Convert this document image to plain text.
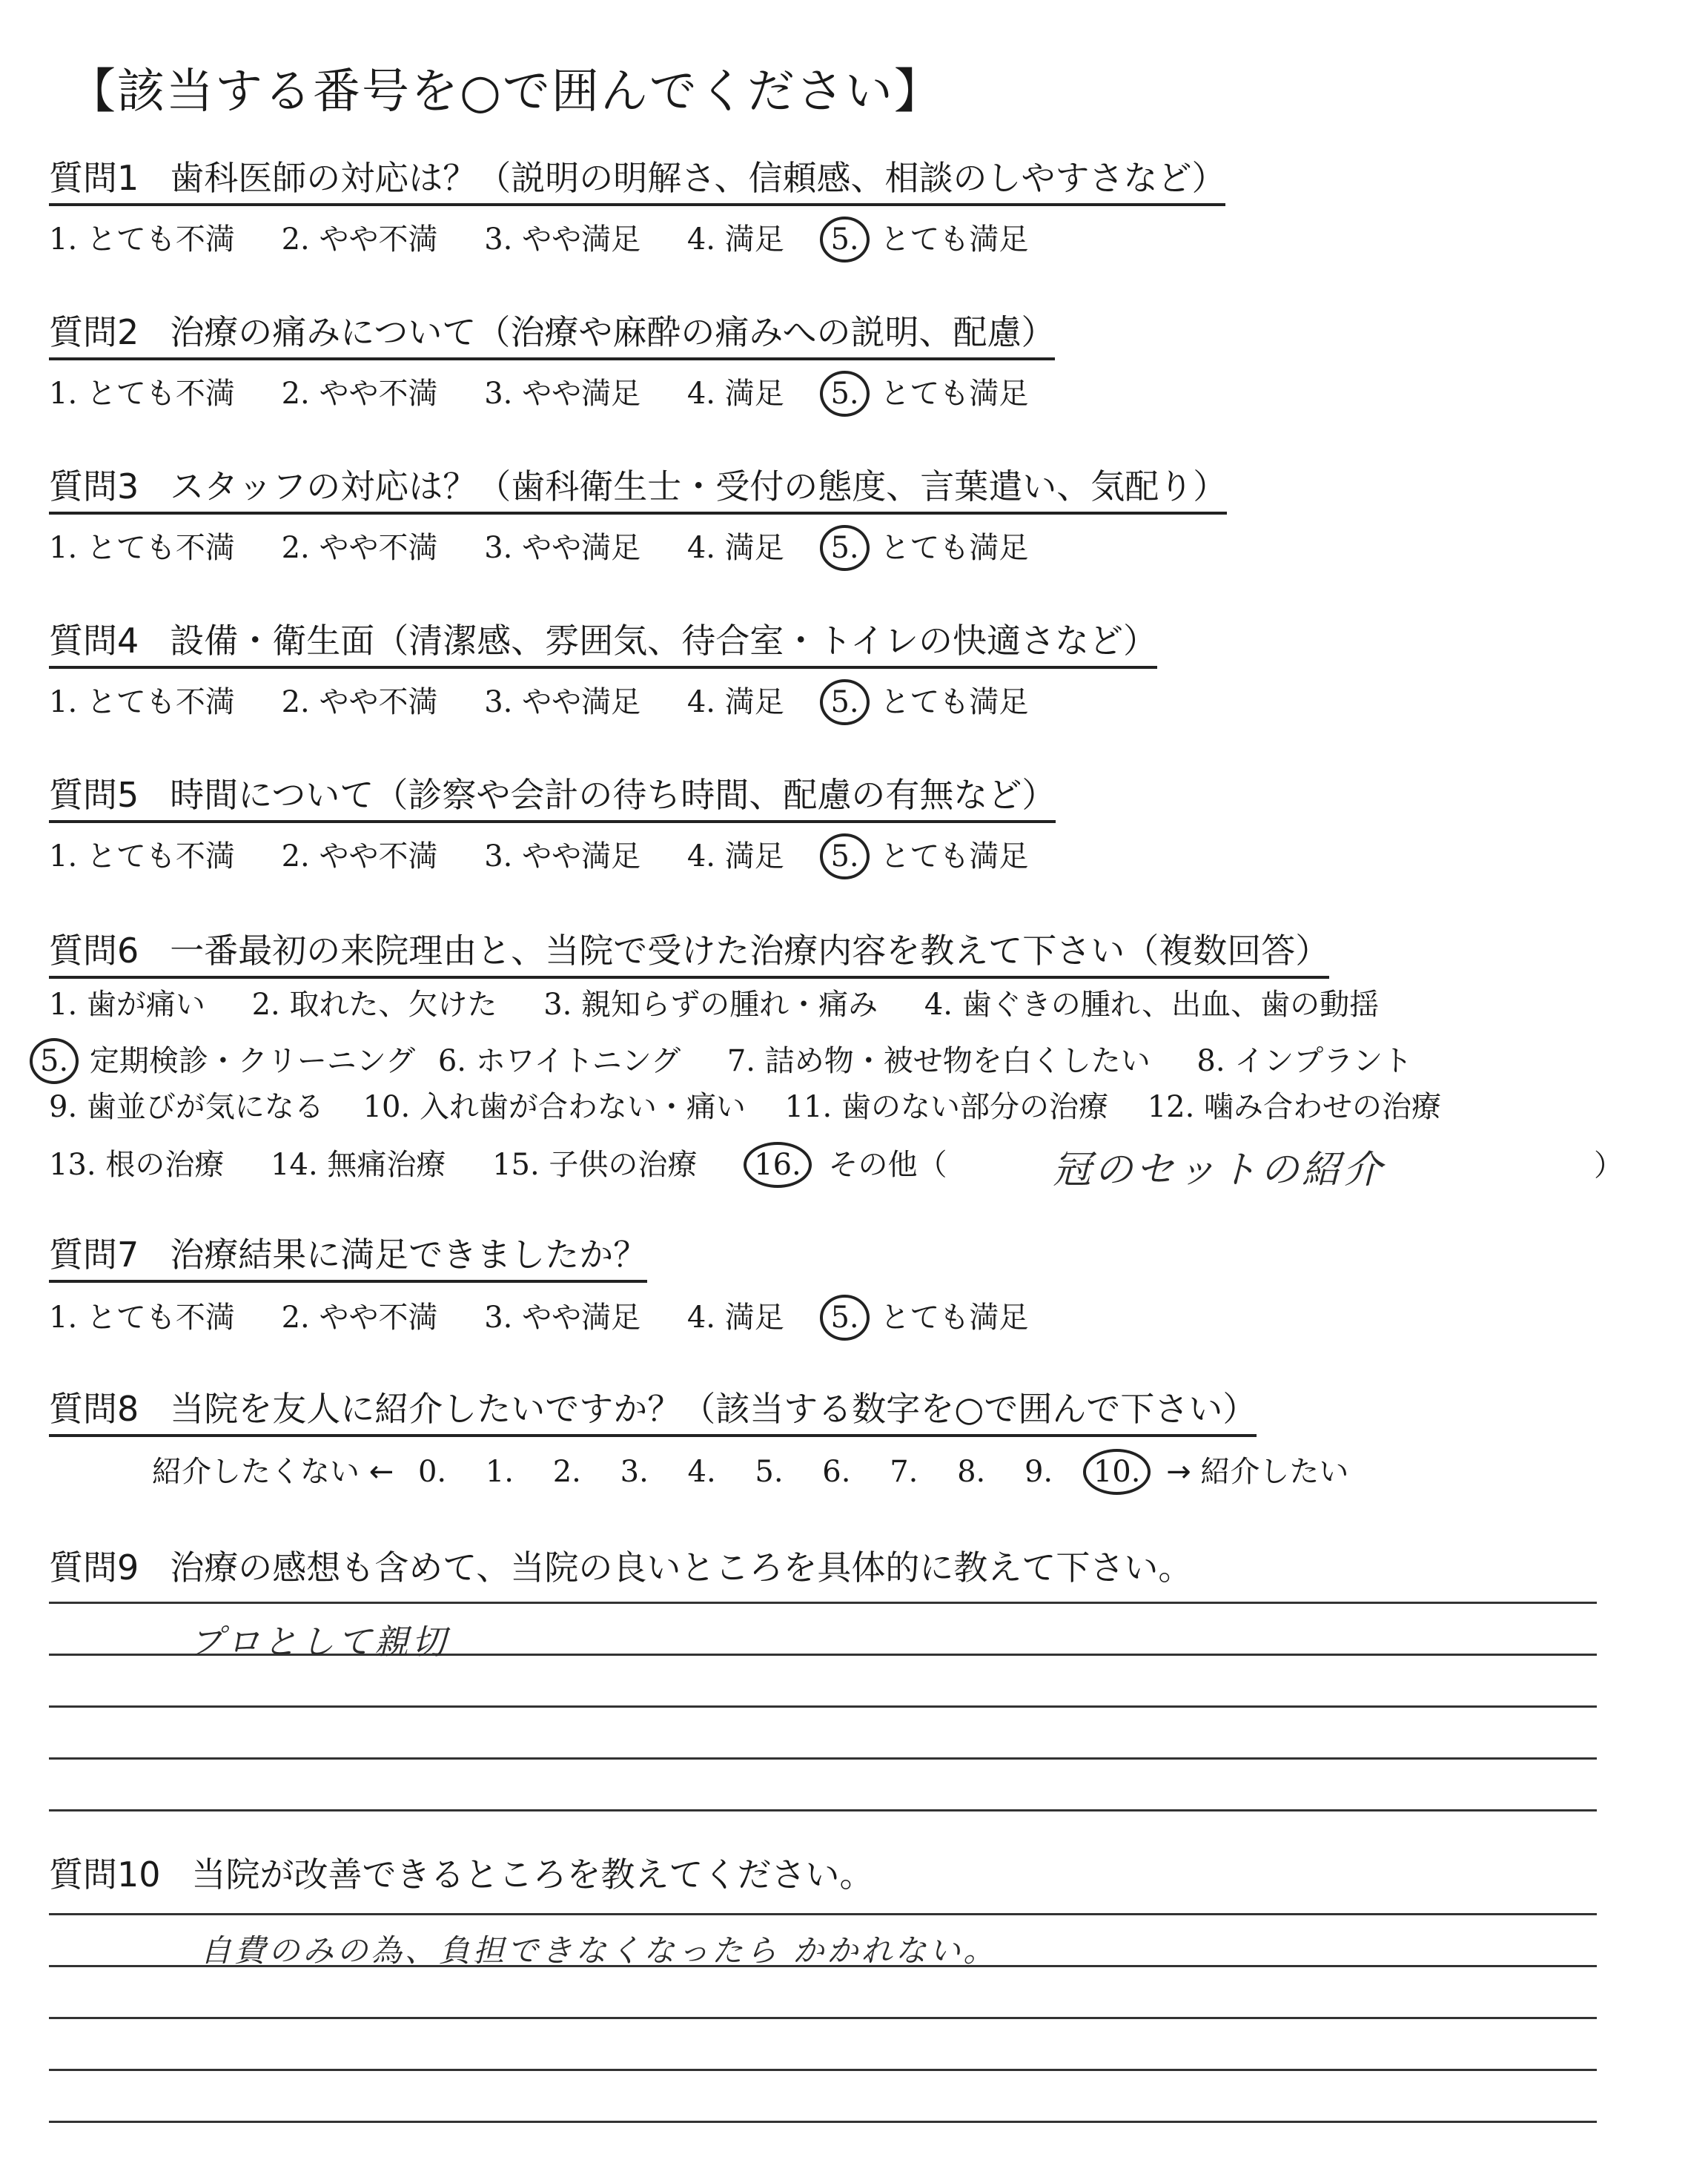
【該当する番号を○で囲んでください】
質問1 歯科医師の対応は？（説明の明解さ、信頼感、相談のしやすさなど）
1. とても不満 2. やや不満 3. やや満足 4. 満足 5. とても満足
質問2 治療の痛みについて（治療や麻酔の痛みへの説明、配慮）
1. とても不満 2. やや不満 3. やや満足 4. 満足 5. とても満足
質問3 スタッフの対応は？（歯科衛生士・受付の態度、言葉遣い、気配り）
1. とても不満 2. やや不満 3. やや満足 4. 満足 5. とても満足
質問4 設備・衛生面（清潔感、雰囲気、待合室・トイレの快適さなど）
1. とても不満 2. やや不満 3. やや満足 4. 満足 5. とても満足
質問5 時間について（診察や会計の待ち時間、配慮の有無など）
1. とても不満 2. やや不満 3. やや満足 4. 満足 5. とても満足
質問6 一番最初の来院理由と、当院で受けた治療内容を教えて下さい（複数回答）
1. 歯が痛い 2. 取れた、欠けた 3. 親知らずの腫れ・痛み 4. 歯ぐきの腫れ、出血、歯の動揺
5. 定期検診・クリーニング 6. ホワイトニング 7. 詰め物・被せ物を白くしたい 8. インプラント
9. 歯並びが気になる 10. 入れ歯が合わない・痛い 11. 歯のない部分の治療 12. 噛み合わせの治療
13. 根の治療 14. 無痛治療 15. 子供の治療 16. その他（	冠のセットの紹介	）
質問7 治療結果に満足できましたか？
1. とても不満 2. やや不満 3. やや満足 4. 満足 5. とても満足
質問8 当院を友人に紹介したいですか？（該当する数字を○で囲んで下さい）
紹介したくない ← 0. 1. 2. 3. 4. 5. 6. 7. 8. 9. 10. → 紹介したい
質問9 治療の感想も含めて、当院の良いところを具体的に教えて下さい。
プロとして親切
質問10 当院が改善できるところを教えてください。
自費のみの為、負担できなくなったら かかれない。
